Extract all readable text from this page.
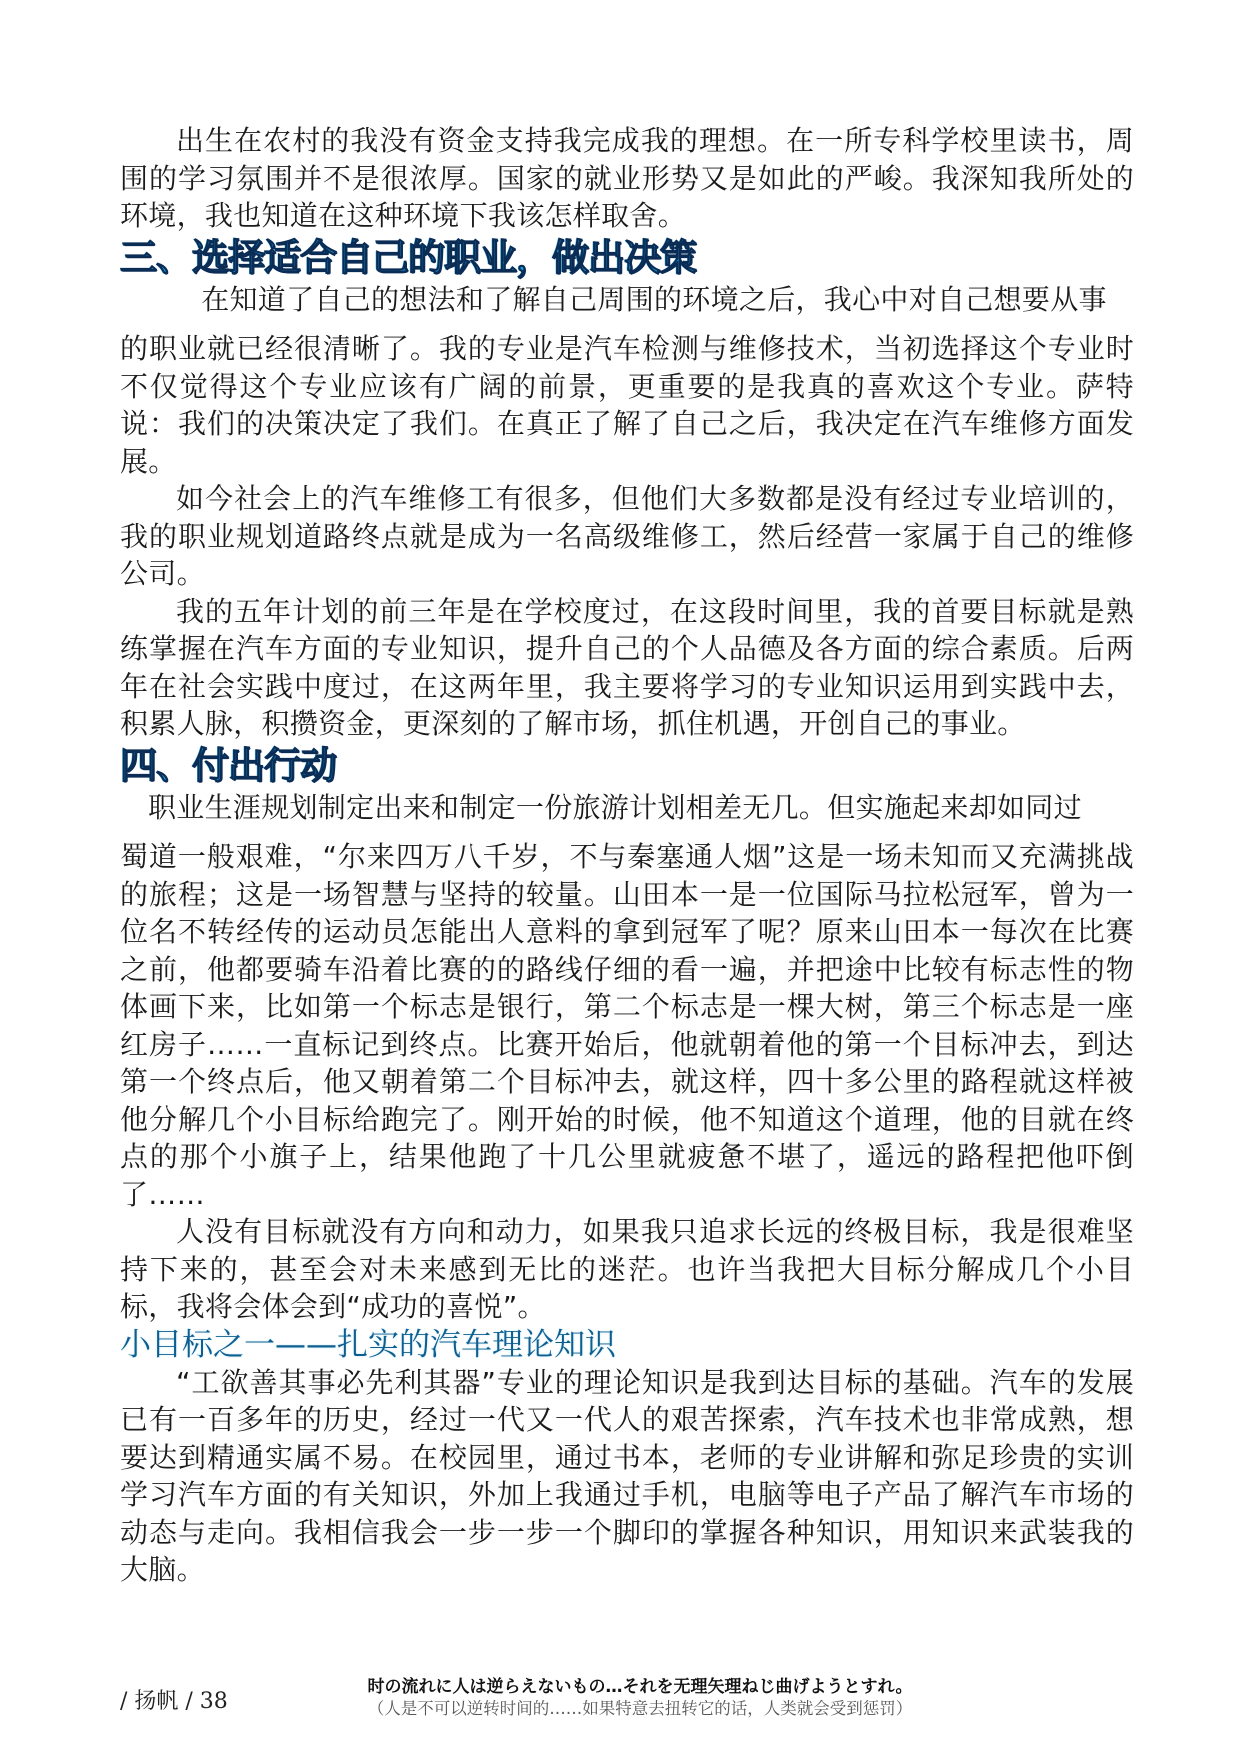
出生在农村的我没有资金支持我完成我的理想。在一所专科学校里读书，周围的学习氛围并不是很浓厚。国家的就业形势又是如此的严峻。我深知我所处的环境，我也知道在这种环境下我该怎样取舍。

三、选择适合自己的职业，做出决策

在知道了自己的想法和了解自己周围的环境之后，我心中对自己想要从事

的职业就已经很清晰了。我的专业是汽车检测与维修技术，当初选择这个专业时不仅觉得这个专业应该有广阔的前景，更重要的是我真的喜欢这个专业。萨特说：我们的决策决定了我们。在真正了解了自己之后，我决定在汽车维修方面发展。

如今社会上的汽车维修工有很多，但他们大多数都是没有经过专业培训的，我的职业规划道路终点就是成为一名高级维修工，然后经营一家属于自己的维修公司。

我的五年计划的前三年是在学校度过，在这段时间里，我的首要目标就是熟练掌握在汽车方面的专业知识，提升自己的个人品德及各方面的综合素质。后两年在社会实践中度过，在这两年里，我主要将学习的专业知识运用到实践中去，积累人脉，积攒资金，更深刻的了解市场，抓住机遇，开创自己的事业。

四、付出行动

职业生涯规划制定出来和制定一份旅游计划相差无几。但实施起来却如同过

蜀道一般艰难，“尔来四万八千岁，不与秦塞通人烟”这是一场未知而又充满挑战的旅程；这是一场智慧与坚持的较量。山田本一是一位国际马拉松冠军，曾为一位名不转经传的运动员怎能出人意料的拿到冠军了呢？原来山田本一每次在比赛之前，他都要骑车沿着比赛的的路线仔细的看一遍，并把途中比较有标志性的物体画下来，比如第一个标志是银行，第二个标志是一棵大树，第三个标志是一座红房子……一直标记到终点。比赛开始后，他就朝着他的第一个目标冲去，到达第一个终点后，他又朝着第二个目标冲去，就这样，四十多公里的路程就这样被他分解几个小目标给跑完了。刚开始的时候，他不知道这个道理，他的目就在终点的那个小旗子上，结果他跑了十几公里就疲惫不堪了，遥远的路程把他吓倒了……

人没有目标就没有方向和动力，如果我只追求长远的终极目标，我是很难坚持下来的，甚至会对未来感到无比的迷茫。也许当我把大目标分解成几个小目标，我将会体会到“成功的喜悦”。

小目标之一——扎实的汽车理论知识

“工欲善其事必先利其器”专业的理论知识是我到达目标的基础。汽车的发展已有一百多年的历史，经过一代又一代人的艰苦探索，汽车技术也非常成熟，想要达到精通实属不易。在校园里，通过书本，老师的专业讲解和弥足珍贵的实训学习汽车方面的有关知识，外加上我通过手机，电脑等电子产品了解汽车市场的动态与走向。我相信我会一步一步一个脚印的掌握各种知识，用知识来武装我的大脑。

/ 扬帆 / 38
时の流れに人は逆らえないもの…それを无理矢理ねじ曲げようとすれ。
（人是不可以逆转时间的……如果特意去扭转它的话，人类就会受到惩罚）
